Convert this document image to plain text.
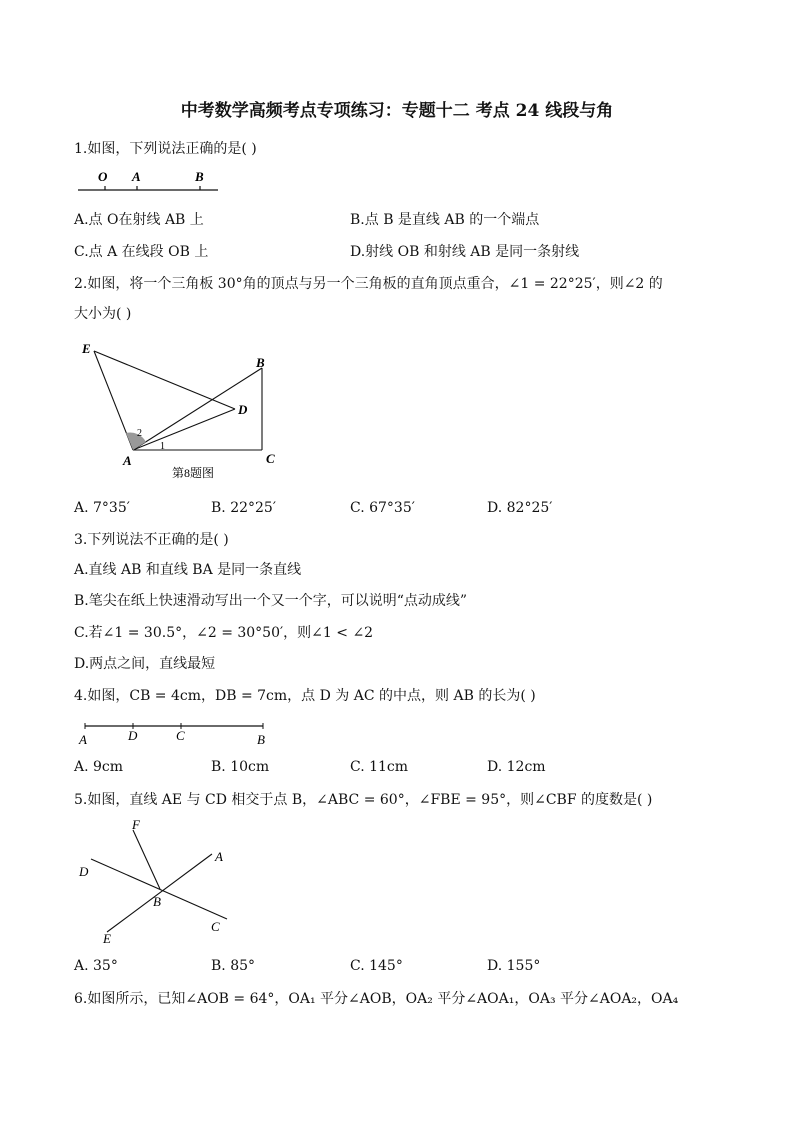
中考数学高频考点专项练习：专题十二 考点 24 线段与角
1.如图，下列说法正确的是( )
O A	B
A.点 O在射线 AB 上	B.点 B 是直线 AB 的一个端点
C.点 A 在线段 OB 上	D.射线 OB 和射线 AB 是同一条射线
2.如图，将一个三角板 30°角的顶点与另一个三角板的直角顶点重合，∠1 = 22°25′，则∠2 的
大小为( )
E
B
D
2
1
A	C
第8题图
A. 7°35′	B. 22°25′	C. 67°35′	D. 82°25′
3.下列说法不正确的是( )
A.直线 AB 和直线 BA 是同一条直线
B.笔尖在纸上快速滑动写出一个又一个字，可以说明“点动成线”
C.若∠1 = 30.5°，∠2 = 30°50′，则∠1 < ∠2
D.两点之间，直线最短
4.如图，CB = 4cm，DB = 7cm，点 D 为 AC 的中点，则 AB 的长为( )
A	D	C	B
A. 9cm	B. 10cm	C. 11cm	D. 12cm
5.如图，直线 AE 与 CD 相交于点 B，∠ABC = 60°，∠FBE = 95°，则∠CBF 的度数是( )
F
A
D
B
E
C
A. 35°	B. 85°	C. 145°	D. 155°
6.如图所示，已知∠AOB = 64°，OA₁ 平分∠AOB，OA₂ 平分∠AOA₁，OA₃ 平分∠AOA₂，OA₄
